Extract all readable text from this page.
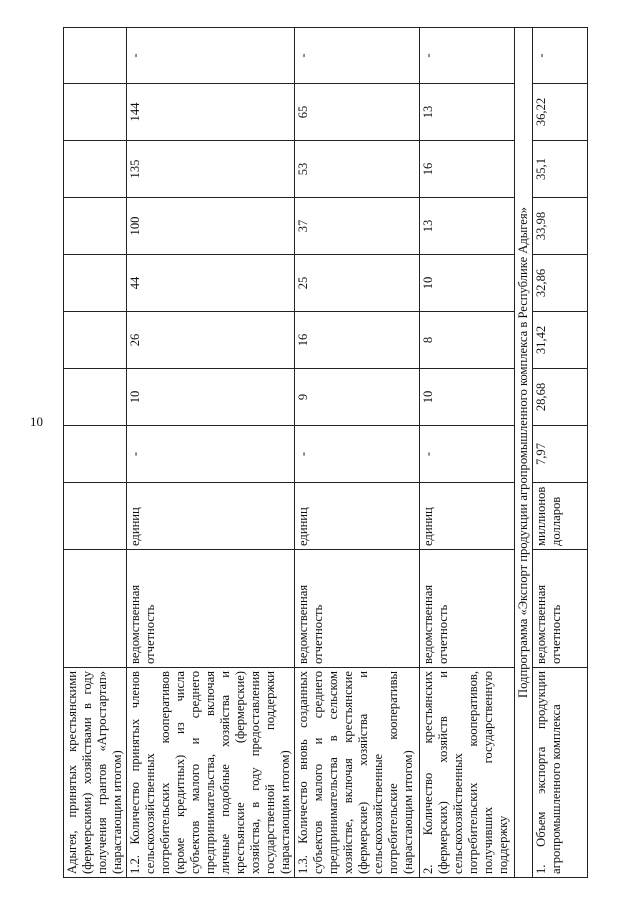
10
Адыгея, принятых крестьянскими (фермерскими) хозяйствами в году получения грантов «Агростартап» (нарастающим итогом)										
1.2. Количество принятых членов сельскохозяйственных потребительских кооперативов (кроме кредитных) из числа субъектов малого и среднего предпринимательства, включая личные подобные хозяйства и крестьянские (фермерские) хозяйства, в году предоставления государственной поддержки (нарастающим итогом)	ведомственная отчетность	единиц	-	10	26	44	100	135	144	-
1.3. Количество вновь созданных субъектов малого и среднего предпринимательства в сельском хозяйстве, включая крестьянские (фермерские) хозяйства и сельскохозяйственные потребительские кооперативы (нарастающим итогом)	ведомственная отчетность	единиц	-	9	16	25	37	53	65	-
2. Количество крестьянских (фермерских) хозяйств и сельскохозяйственных потребительских кооперативов, получивших государственную поддержку	ведомственная отчетность	единиц	-	10	8	10	13	16	13	-
Подпрограмма «Экспорт продукции агропромышленного комплекса в Республике Адыгея»										
1. Объем экспорта продукции агропромышленного комплекса	ведомственная отчетность	миллионов долларов	7,97	28,68	31,42	32,86	33,98	35,1	36,22	-
